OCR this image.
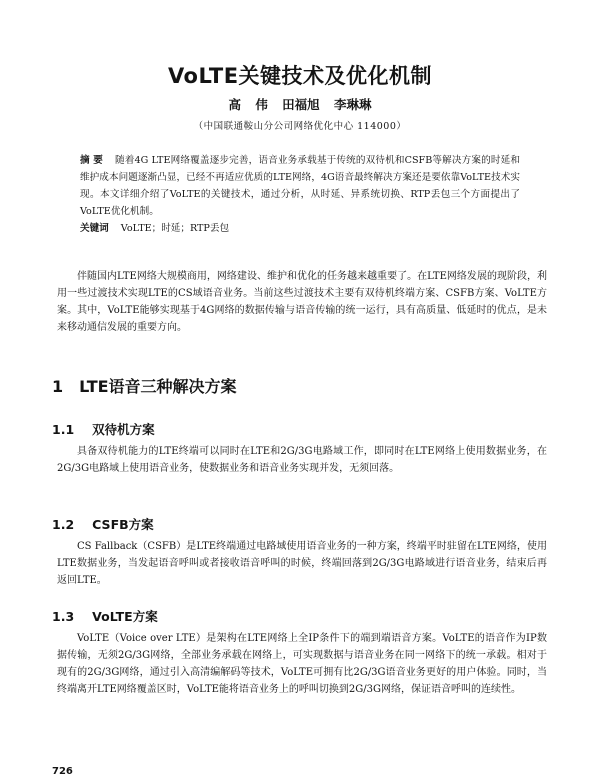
VoLTE关键技术及优化机制
高 伟 田福旭 李琳琳
（中国联通鞍山分公司网络优化中心 114000）
摘 要 随着4G LTE网络覆盖逐步完善，语音业务承载基于传统的双待机和CSFB等解决方案的时延和维护成本问题逐渐凸显，已经不再适应优质的LTE网络，4G语音最终解决方案还是要依靠VoLTE技术实现。本文详细介绍了VoLTE的关键技术，通过分析，从时延、异系统切换、RTP丢包三个方面提出了VoLTE优化机制。
关键词 VoLTE；时延；RTP丢包
伴随国内LTE网络大规模商用，网络建设、维护和优化的任务越来越重要了。在LTE网络发展的现阶段，利用一些过渡技术实现LTE的CS域语音业务。当前这些过渡技术主要有双待机终端方案、CSFB方案、VoLTE方案。其中，VoLTE能够实现基于4G网络的数据传输与语音传输的统一运行，具有高质量、低延时的优点，是未来移动通信发展的重要方向。
1 LTE语音三种解决方案
1.1 双待机方案
具备双待机能力的LTE终端可以同时在LTE和2G/3G电路域工作，即同时在LTE网络上使用数据业务，在2G/3G电路域上使用语音业务，使数据业务和语音业务实现并发，无须回落。
1.2 CSFB方案
CS Fallback（CSFB）是LTE终端通过电路域使用语音业务的一种方案，终端平时驻留在LTE网络，使用LTE数据业务，当发起语音呼叫或者接收语音呼叫的时候，终端回落到2G/3G电路域进行语音业务，结束后再返回LTE。
1.3 VoLTE方案
VoLTE（Voice over LTE）是架构在LTE网络上全IP条件下的端到端语音方案。VoLTE的语音作为IP数据传输，无须2G/3G网络，全部业务承载在网络上，可实现数据与语音业务在同一网络下的统一承载。相对于现有的2G/3G网络，通过引入高清编解码等技术，VoLTE可拥有比2G/3G语音业务更好的用户体验。同时，当终端离开LTE网络覆盖区时，VoLTE能将语音业务上的呼叫切换到2G/3G网络，保证语音呼叫的连续性。
726
